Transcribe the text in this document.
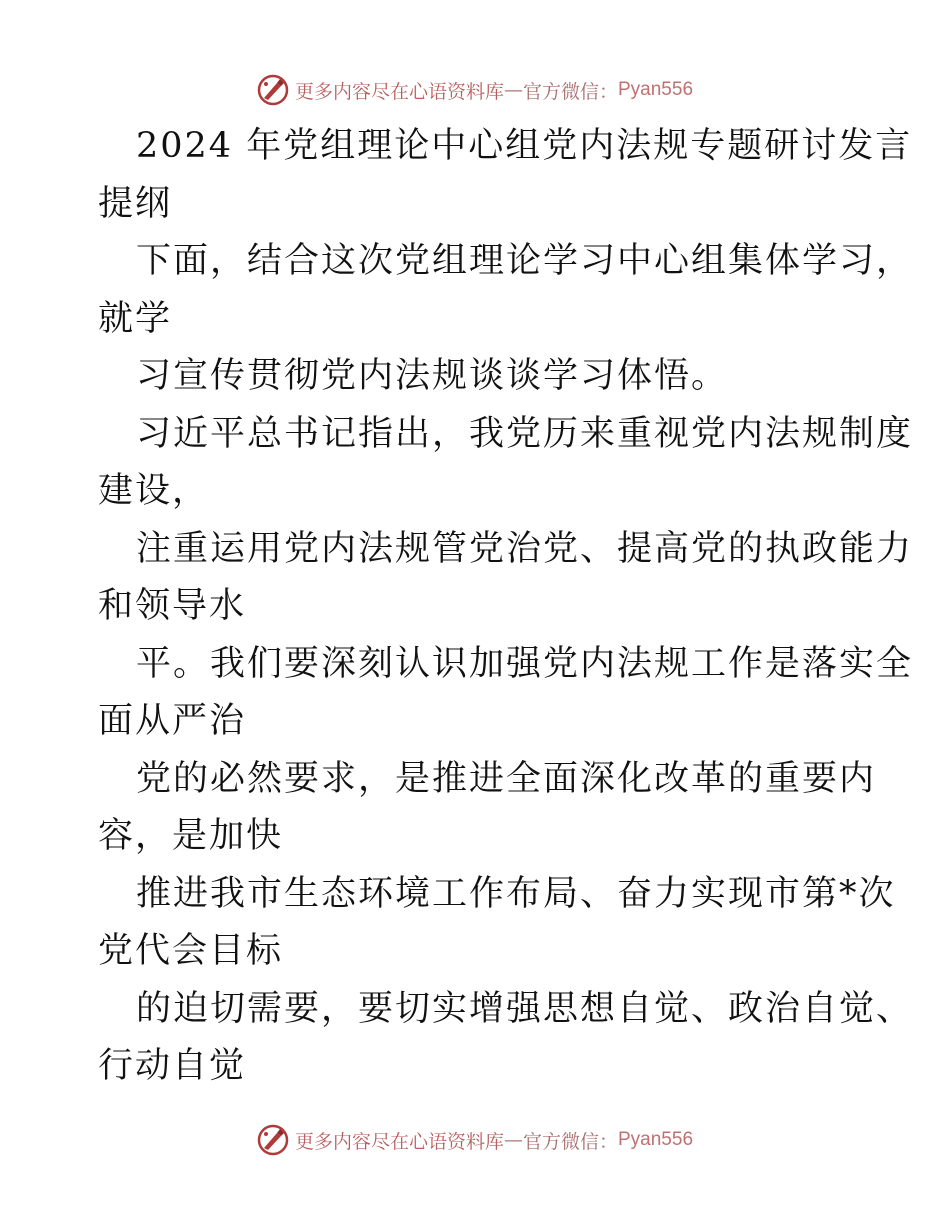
更多内容尽在心语资料库 — 官方微信： Pyan556
2024 年党组理论中心组党内法规专题研讨发言
提纲
下面，结合这次党组理论学习中心组集体学习，
就学
习宣传贯彻党内法规谈谈学习体悟。
习近平总书记指出，我党历来重视党内法规制度
建设，
注重运用党内法规管党治党、提高党的执政能力
和领导水
平。我们要深刻认识加强党内法规工作是落实全
面从严治
党的必然要求，是推进全面深化改革的重要内
容，是加快
推进我市生态环境工作布局、奋力实现市第*次
党代会目标
的迫切需要，要切实增强思想自觉、政治自觉、
行动自觉
更多内容尽在心语资料库 — 官方微信： Pyan556
